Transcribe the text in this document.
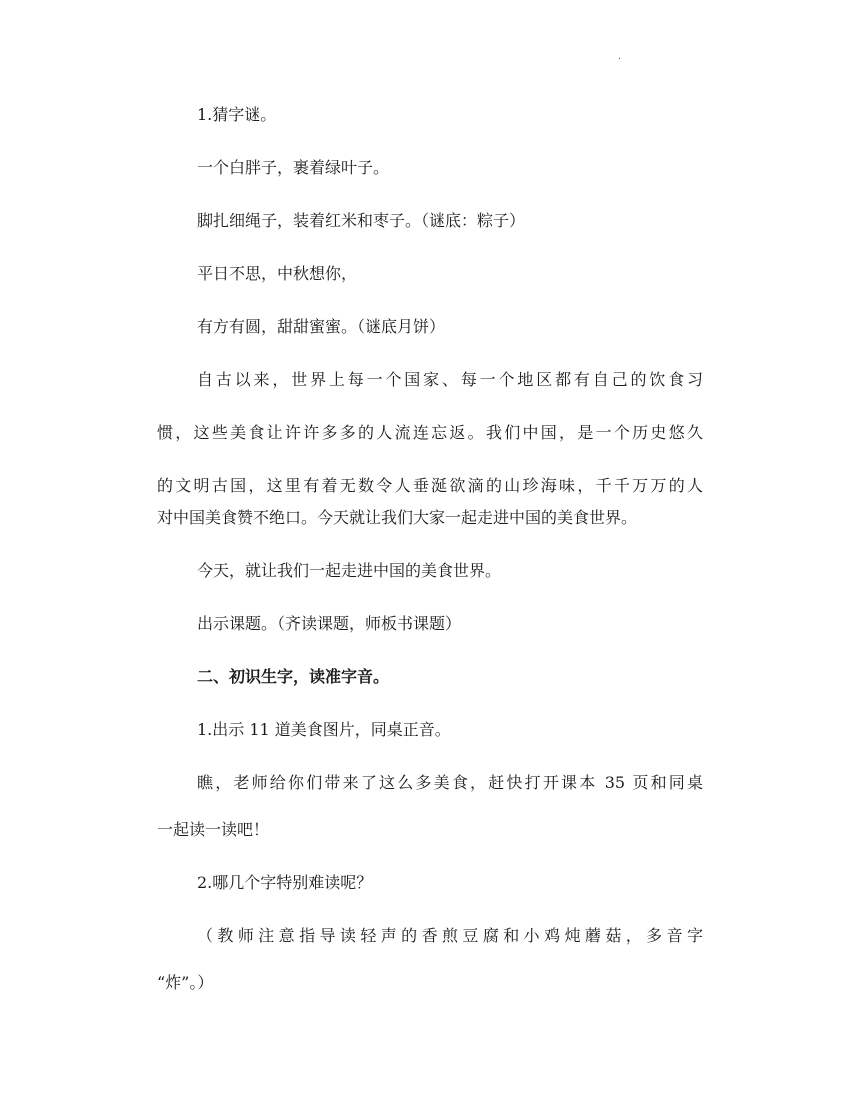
.

1.猜字谜。

一个白胖子，裹着绿叶子。

脚扎细绳子，装着红米和枣子。（谜底：粽子）

平日不思，中秋想你，

有方有圆，甜甜蜜蜜。（谜底月饼）

自古以来，世界上每一个国家、每一个地区都有自己的饮食习

惯，这些美食让许许多多的人流连忘返。我们中国，是一个历史悠久

的文明古国，这里有着无数令人垂涎欲滴的山珍海味，千千万万的人

对中国美食赞不绝口。今天就让我们大家一起走进中国的美食世界。

今天，就让我们一起走进中国的美食世界。

出示课题。（齐读课题，师板书课题）

二、初识生字，读准字音。

1.出示 11 道美食图片，同桌正音。

瞧，老师给你们带来了这么多美食，赶快打开课本 35 页和同桌

一起读一读吧！

2.哪几个字特别难读呢？

（教师注意指导读轻声的香煎豆腐和小鸡炖蘑菇，多音字

“炸”。）
